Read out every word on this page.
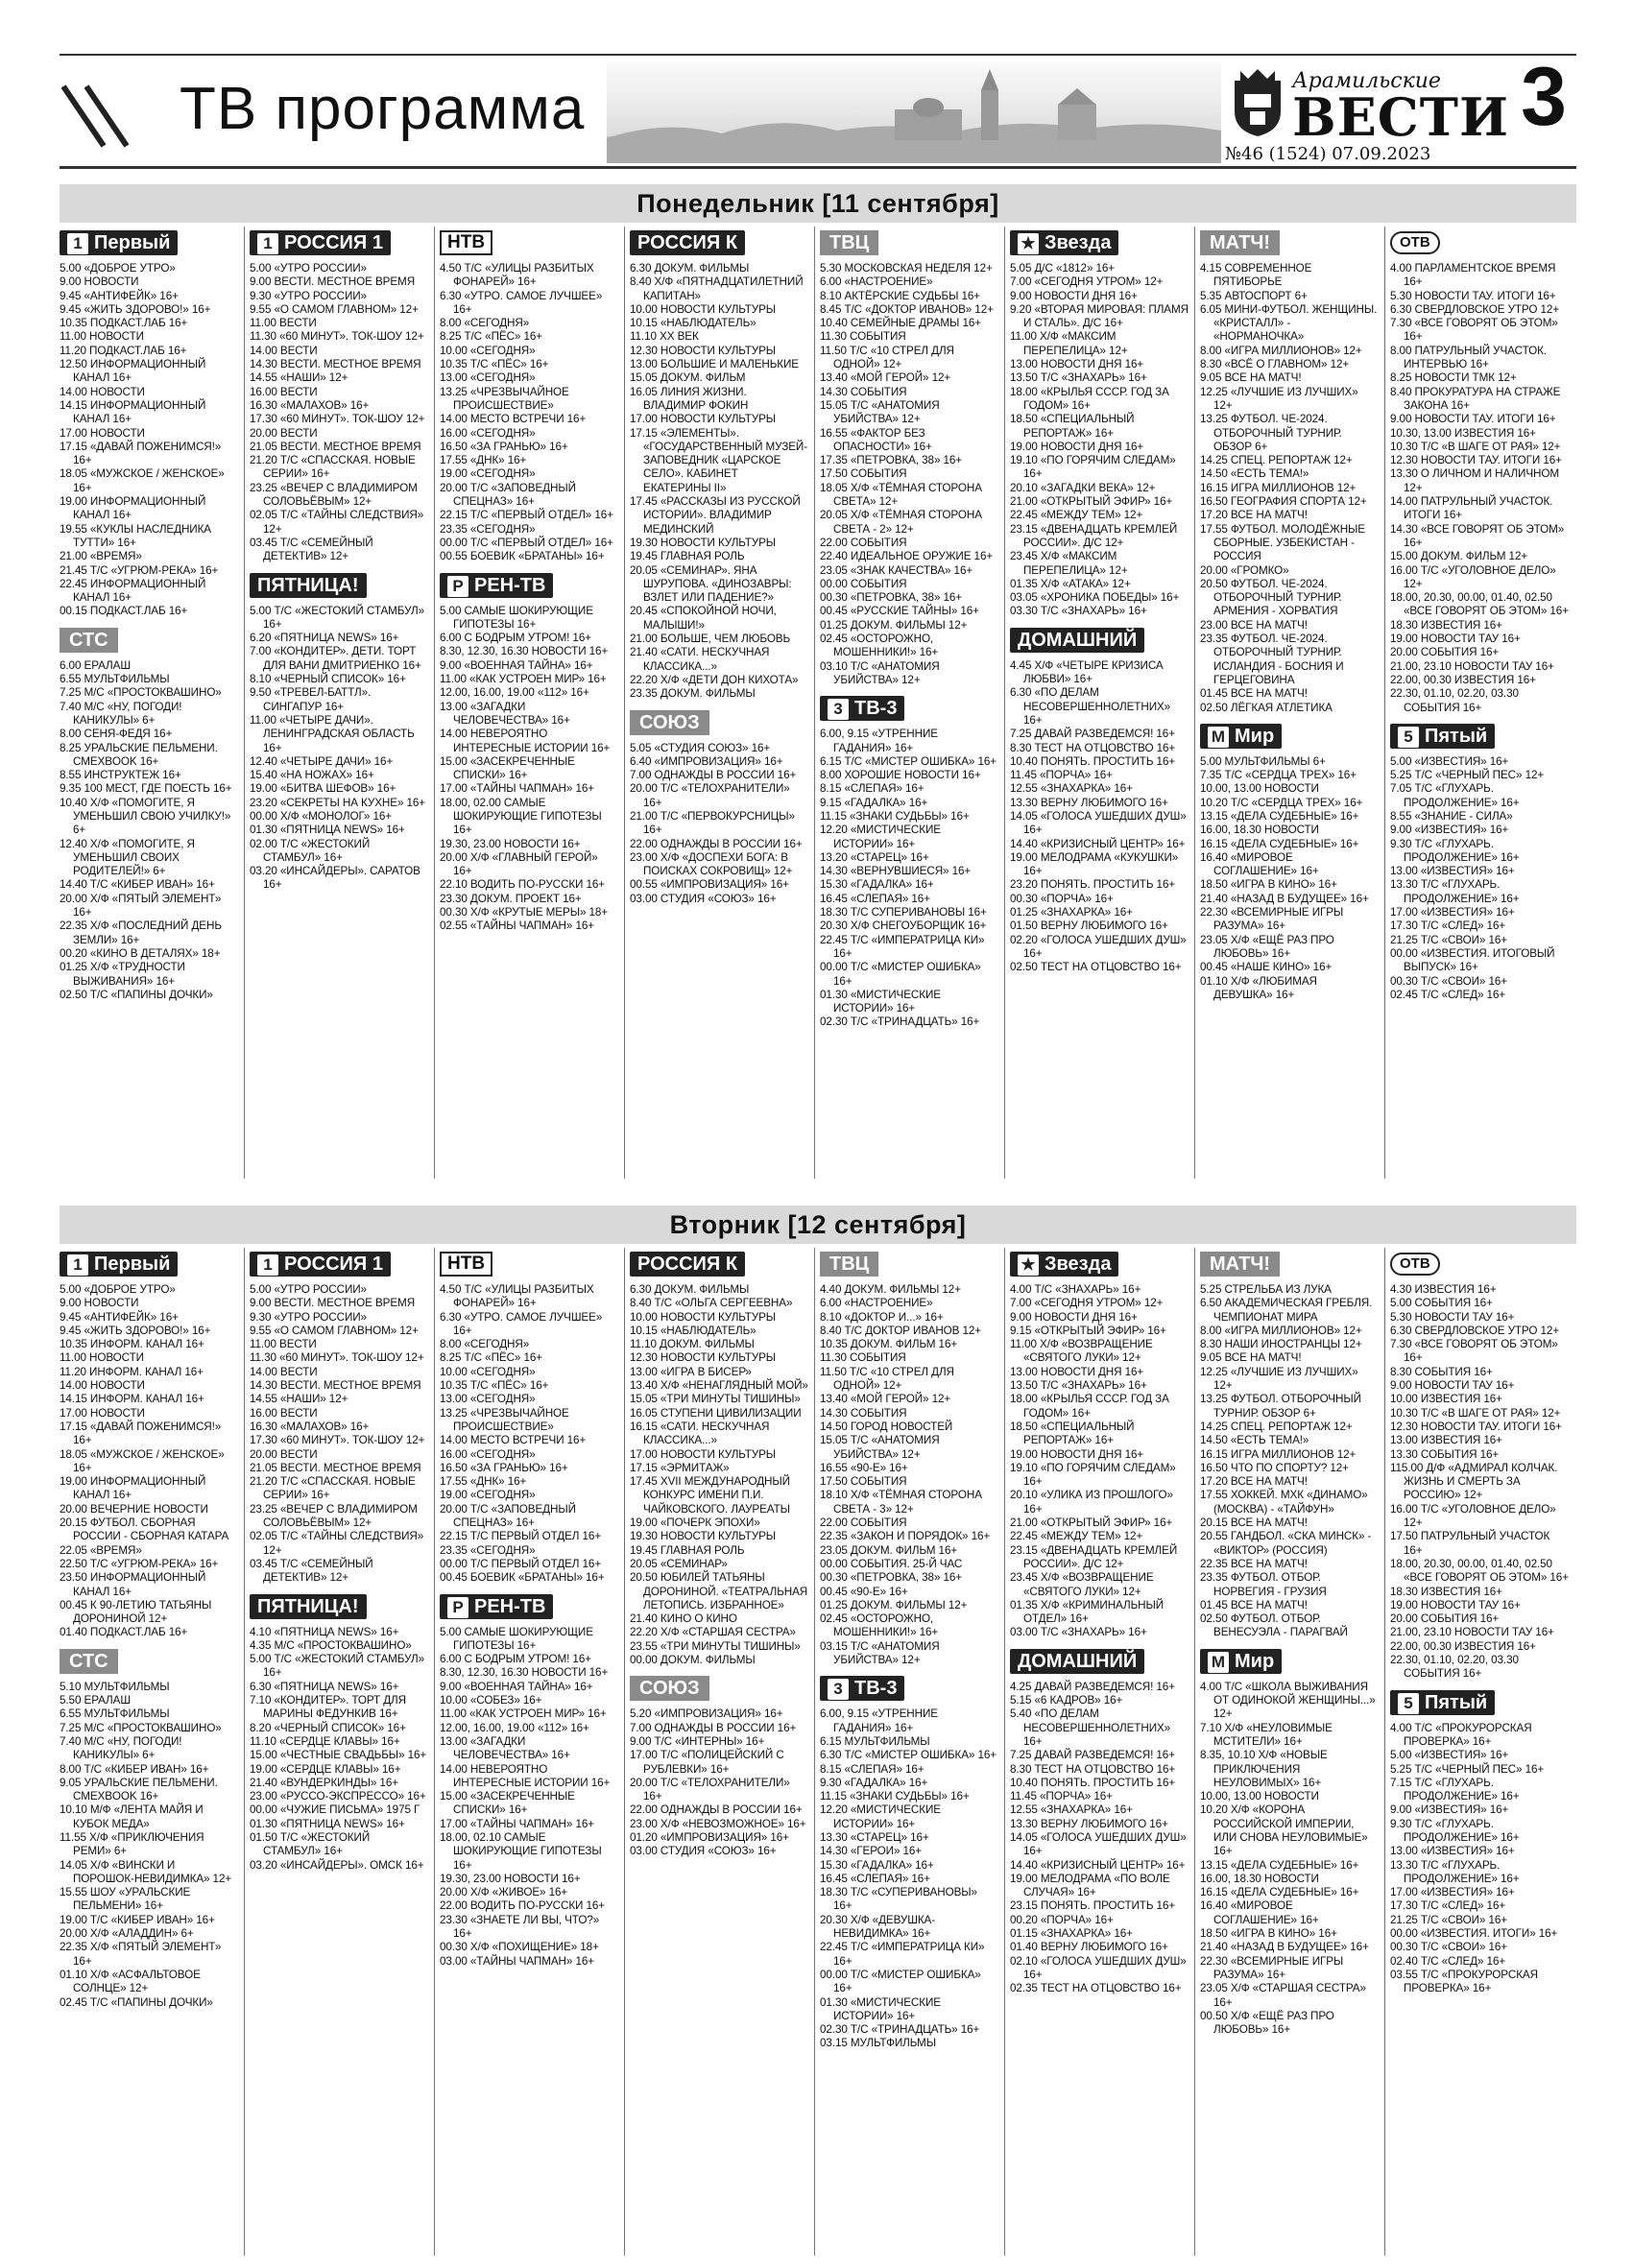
ТВ программа	Арамильские
ВЕСТИ
№46 (1524) 07.09.2023
3
Понедельник [11 сентября]
1 Первый
5.00 «ДОБРОЕ УТРО»
9.00 НОВОСТИ
9.45 «АНТИФЕЙК» 16+
9.45 «ЖИТЬ ЗДОРОВО!» 16+
10.35 ПОДКАСТ.ЛАБ 16+
11.00 НОВОСТИ
11.20 ПОДКАСТ.ЛАБ 16+
12.50 ИНФОРМАЦИОННЫЙ КАНАЛ 16+
14.00 НОВОСТИ
14.15 ИНФОРМАЦИОННЫЙ КАНАЛ 16+
17.00 НОВОСТИ
17.15 «ДАВАЙ ПОЖЕНИМСЯ!» 16+
18.05 «МУЖСКОЕ / ЖЕНСКОЕ» 16+
19.00 ИНФОРМАЦИОННЫЙ КАНАЛ 16+
19.55 «КУКЛЫ НАСЛЕДНИКА ТУТТИ» 16+
21.00 «ВРЕМЯ»
21.45 Т/С «УГРЮМ-РЕКА» 16+
22.45 ИНФОРМАЦИОННЫЙ КАНАЛ 16+
00.15 ПОДКАСТ.ЛАБ 16+
СТС
6.00 ЕРАЛАШ
6.55 МУЛЬТФИЛЬМЫ
7.25 М/С «ПРОСТОКВАШИНО»
7.40 М/С «НУ, ПОГОДИ! КАНИКУЛЫ» 6+
8.00 СЕНЯ-ФЕДЯ 16+
8.25 УРАЛЬСКИЕ ПЕЛЬМЕНИ. СМЕХBOOK 16+
8.55 ИНСТРУКТЕЖ 16+
9.35 100 МЕСТ, ГДЕ ПОЕСТЬ 16+
10.40 Х/Ф «ПОМОГИТЕ, Я УМЕНЬШИЛ СВОЮ УЧИЛКУ!» 6+
12.40 Х/Ф «ПОМОГИТЕ, Я УМЕНЬШИЛ СВОИХ РОДИТЕЛЕЙ!» 6+
14.40 Т/С «КИБЕР ИВАН» 16+
20.00 Х/Ф «ПЯТЫЙ ЭЛЕМЕНТ» 16+
22.35 Х/Ф «ПОСЛЕДНИЙ ДЕНЬ ЗЕМЛИ» 16+
00.20 «КИНО В ДЕТАЛЯХ» 18+
01.25 Х/Ф «ТРУДНОСТИ ВЫЖИВАНИЯ» 16+
02.50 Т/С «ПАПИНЫ ДОЧКИ»
1 РОССИЯ 1
5.00 «УТРО РОССИИ»
9.00 ВЕСТИ. МЕСТНОЕ ВРЕМЯ
9.30 «УТРО РОССИИ»
9.55 «О САМОМ ГЛАВНОМ» 12+
11.00 ВЕСТИ
11.30 «60 МИНУТ». ТОК-ШОУ 12+
14.00 ВЕСТИ
14.30 ВЕСТИ. МЕСТНОЕ ВРЕМЯ
14.55 «НАШИ» 12+
16.00 ВЕСТИ
16.30 «МАЛАХОВ» 16+
17.30 «60 МИНУТ». ТОК-ШОУ 12+
20.00 ВЕСТИ
21.05 ВЕСТИ. МЕСТНОЕ ВРЕМЯ
21.20 Т/С «СПАССКАЯ. НОВЫЕ СЕРИИ» 16+
23.25 «ВЕЧЕР С ВЛАДИМИРОМ СОЛОВЬЁВЫМ» 12+
02.05 Т/С «ТАЙНЫ СЛЕДСТВИЯ» 12+
03.45 Т/С «СЕМЕЙНЫЙ ДЕТЕКТИВ» 12+
ПЯТНИЦА!
5.00 Т/С «ЖЕСТОКИЙ СТАМБУЛ» 16+
6.20 «ПЯТНИЦА NEWS» 16+
7.00 «КОНДИТЕР». ДЕТИ. ТОРТ ДЛЯ ВАНИ ДМИТРИЕНКО 16+
8.10 «ЧЕРНЫЙ СПИСОК» 16+
9.50 «ТРЕВЕЛ-БАТТЛ». СИНГАПУР 16+
11.00 «ЧЕТЫРЕ ДАЧИ». ЛЕНИНГРАДСКАЯ ОБЛАСТЬ 16+
12.40 «ЧЕТЫРЕ ДАЧИ» 16+
15.40 «НА НОЖАХ» 16+
19.00 «БИТВА ШЕФОВ» 16+
23.20 «СЕКРЕТЫ НА КУХНЕ» 16+
00.00 Х/Ф «МОНОЛОГ» 16+
01.30 «ПЯТНИЦА NEWS» 16+
02.00 Т/С «ЖЕСТОКИЙ СТАМБУЛ» 16+
03.20 «ИНСАЙДЕРЫ». САРАТОВ 16+
НТВ
4.50 Т/С «УЛИЦЫ РАЗБИТЫХ ФОНАРЕЙ» 16+
6.30 «УТРО. САМОЕ ЛУЧШЕЕ» 16+
8.00 «СЕГОДНЯ»
8.25 Т/С «ПЁС» 16+
10.00 «СЕГОДНЯ»
10.35 Т/С «ПЁС» 16+
13.00 «СЕГОДНЯ»
13.25 «ЧРЕЗВЫЧАЙНОЕ ПРОИСШЕСТВИЕ»
14.00 МЕСТО ВСТРЕЧИ 16+
16.00 «СЕГОДНЯ»
16.50 «ЗА ГРАНЬЮ» 16+
17.55 «ДНК» 16+
19.00 «СЕГОДНЯ»
20.00 Т/С «ЗАПОВЕДНЫЙ СПЕЦНАЗ» 16+
22.15 Т/С «ПЕРВЫЙ ОТДЕЛ» 16+
23.35 «СЕГОДНЯ»
00.00 Т/С «ПЕРВЫЙ ОТДЕЛ» 16+
00.55 БОЕВИК «БРАТАНЫ» 16+
Р РЕН-ТВ
5.00 САМЫЕ ШОКИРУЮЩИЕ ГИПОТЕЗЫ 16+
6.00 С БОДРЫМ УТРОМ! 16+
8.30, 12.30, 16.30 НОВОСТИ 16+
9.00 «ВОЕННАЯ ТАЙНА» 16+
11.00 «КАК УСТРОЕН МИР» 16+
12.00, 16.00, 19.00 «112» 16+
13.00 «ЗАГАДКИ ЧЕЛОВЕЧЕСТВА» 16+
14.00 НЕВЕРОЯТНО ИНТЕРЕСНЫЕ ИСТОРИИ 16+
15.00 «ЗАСЕКРЕЧЕННЫЕ СПИСКИ» 16+
17.00 «ТАЙНЫ ЧАПМАН» 16+
18.00, 02.00 САМЫЕ ШОКИРУЮЩИЕ ГИПОТЕЗЫ 16+
19.30, 23.00 НОВОСТИ 16+
20.00 Х/Ф «ГЛАВНЫЙ ГЕРОЙ» 16+
22.10 ВОДИТЬ ПО-РУССКИ 16+
23.30 ДОКУМ. ПРОЕКТ 16+
00.30 Х/Ф «КРУТЫЕ МЕРЫ» 18+
02.55 «ТАЙНЫ ЧАПМАН» 16+
РОССИЯ К
6.30 ДОКУМ. ФИЛЬМЫ
8.40 Х/Ф «ПЯТНАДЦАТИЛЕТНИЙ КАПИТАН»
10.00 НОВОСТИ КУЛЬТУРЫ
10.15 «НАБЛЮДАТЕЛЬ»
11.10 XX ВЕК
12.30 НОВОСТИ КУЛЬТУРЫ
13.00 БОЛЬШИЕ И МАЛЕНЬКИЕ
15.05 ДОКУМ. ФИЛЬМ
16.05 ЛИНИЯ ЖИЗНИ. ВЛАДИМИР ФОКИН
17.00 НОВОСТИ КУЛЬТУРЫ
17.15 «ЭЛЕМЕНТЫ». «ГОСУДАРСТВЕННЫЙ МУЗЕЙ-ЗАПОВЕДНИК «ЦАРСКОЕ СЕЛО». КАБИНЕТ ЕКАТЕРИНЫ II»
17.45 «РАССКАЗЫ ИЗ РУССКОЙ ИСТОРИИ». ВЛАДИМИР МЕДИНСКИЙ
19.30 НОВОСТИ КУЛЬТУРЫ
19.45 ГЛАВНАЯ РОЛЬ
20.05 «СЕМИНАР». ЯНА ШУРУПОВА. «ДИНОЗАВРЫ: ВЗЛЕТ ИЛИ ПАДЕНИЕ?»
20.45 «СПОКОЙНОЙ НОЧИ, МАЛЫШИ!»
21.00 БОЛЬШЕ, ЧЕМ ЛЮБОВЬ
21.40 «САТИ. НЕСКУЧНАЯ КЛАССИКА...»
22.20 Х/Ф «ДЕТИ ДОН КИХОТА»
23.35 ДОКУМ. ФИЛЬМЫ
СОЮЗ
5.05 «СТУДИЯ СОЮЗ» 16+
6.40 «ИМПРОВИЗАЦИЯ» 16+
7.00 ОДНАЖДЫ В РОССИИ 16+
20.00 Т/С «ТЕЛОХРАНИТЕЛИ» 16+
21.00 Т/С «ПЕРВОКУРСНИЦЫ» 16+
22.00 ОДНАЖДЫ В РОССИИ 16+
23.00 Х/Ф «ДОСПЕХИ БОГА: В ПОИСКАХ СОКРОВИЩ» 12+
00.55 «ИМПРОВИЗАЦИЯ» 16+
03.00 СТУДИЯ «СОЮЗ» 16+
ТВЦ
5.30 МОСКОВСКАЯ НЕДЕЛЯ 12+
6.00 «НАСТРОЕНИЕ»
8.10 АКТЁРСКИЕ СУДЬБЫ 16+
8.45 Т/С «ДОКТОР ИВАНОВ» 12+
10.40 СЕМЕЙНЫЕ ДРАМЫ 16+
11.30 СОБЫТИЯ
11.50 Т/С «10 СТРЕЛ ДЛЯ ОДНОЙ» 12+
13.40 «МОЙ ГЕРОЙ» 12+
14.30 СОБЫТИЯ
15.05 Т/С «АНАТОМИЯ УБИЙСТВА» 12+
16.55 «ФАКТОР БЕЗ ОПАСНОСТИ» 16+
17.35 «ПЕТРОВКА, 38» 16+
17.50 СОБЫТИЯ
18.05 Х/Ф «ТЁМНАЯ СТОРОНА СВЕТА» 12+
20.05 Х/Ф «ТЁМНАЯ СТОРОНА СВЕТА - 2» 12+
22.00 СОБЫТИЯ
22.40 ИДЕАЛЬНОЕ ОРУЖИЕ 16+
23.05 «ЗНАК КАЧЕСТВА» 16+
00.00 СОБЫТИЯ
00.30 «ПЕТРОВКА, 38» 16+
00.45 «РУССКИЕ ТАЙНЫ» 16+
01.25 ДОКУМ. ФИЛЬМЫ 12+
02.45 «ОСТОРОЖНО, МОШЕННИКИ!» 16+
03.10 Т/С «АНАТОМИЯ УБИЙСТВА» 12+
3 ТВ-3
6.00, 9.15 «УТРЕННИЕ ГАДАНИЯ» 16+
6.15 Т/С «МИСТЕР ОШИБКА» 16+
8.00 ХОРОШИЕ НОВОСТИ 16+
8.15 «СЛЕПАЯ» 16+
9.15 «ГАДАЛКА» 16+
11.15 «ЗНАКИ СУДЬБЫ» 16+
12.20 «МИСТИЧЕСКИЕ ИСТОРИИ» 16+
13.20 «СТАРЕЦ» 16+
14.30 «ВЕРНУВШИЕСЯ» 16+
15.30 «ГАДАЛКА» 16+
16.45 «СЛЕПАЯ» 16+
18.30 Т/С СУПЕРИВАНОВЫ 16+
20.30 Х/Ф СНЕГОУБОРЩИК 16+
22.45 Т/С «ИМПЕРАТРИЦА КИ» 16+
00.00 Т/С «МИСТЕР ОШИБКА» 16+
01.30 «МИСТИЧЕСКИЕ ИСТОРИИ» 16+
02.30 Т/С «ТРИНАДЦАТЬ» 16+
★ Звезда
5.05 Д/С «1812» 16+
7.00 «СЕГОДНЯ УТРОМ» 12+
9.00 НОВОСТИ ДНЯ 16+
9.20 «ВТОРАЯ МИРОВАЯ: ПЛАМЯ И СТАЛЬ». Д/С 16+
11.00 Х/Ф «МАКСИМ ПЕРЕПЕЛИЦА» 12+
13.00 НОВОСТИ ДНЯ 16+
13.50 Т/С «ЗНАХАРЬ» 16+
18.00 «КРЫЛЬЯ СССР. ГОД ЗА ГОДОМ» 16+
18.50 «СПЕЦИАЛЬНЫЙ РЕПОРТАЖ» 16+
19.00 НОВОСТИ ДНЯ 16+
19.10 «ПО ГОРЯЧИМ СЛЕДАМ» 16+
20.10 «ЗАГАДКИ ВЕКА» 12+
21.00 «ОТКРЫТЫЙ ЭФИР» 16+
22.45 «МЕЖДУ ТЕМ» 12+
23.15 «ДВЕНАДЦАТЬ КРЕМЛЕЙ РОССИИ». Д/С 12+
23.45 Х/Ф «МАКСИМ ПЕРЕПЕЛИЦА» 12+
01.35 Х/Ф «АТАКА» 12+
03.05 «ХРОНИКА ПОБЕДЫ» 16+
03.30 Т/С «ЗНАХАРЬ» 16+
ДОМАШНИЙ
4.45 Х/Ф «ЧЕТЫРЕ КРИЗИСА ЛЮБВИ» 16+
6.30 «ПО ДЕЛАМ НЕСОВЕРШЕННОЛЕТНИХ» 16+
7.25 ДАВАЙ РАЗВЕДЕМСЯ! 16+
8.30 ТЕСТ НА ОТЦОВСТВО 16+
10.40 ПОНЯТЬ. ПРОСТИТЬ 16+
11.45 «ПОРЧА» 16+
12.55 «ЗНАХАРКА» 16+
13.30 ВЕРНУ ЛЮБИМОГО 16+
14.05 «ГОЛОСА УШЕДШИХ ДУШ» 16+
14.40 «КРИЗИСНЫЙ ЦЕНТР» 16+
19.00 МЕЛОДРАМА «КУКУШКИ» 16+
23.20 ПОНЯТЬ. ПРОСТИТЬ 16+
00.30 «ПОРЧА» 16+
01.25 «ЗНАХАРКА» 16+
01.50 ВЕРНУ ЛЮБИМОГО 16+
02.20 «ГОЛОСА УШЕДШИХ ДУШ» 16+
02.50 ТЕСТ НА ОТЦОВСТВО 16+
МАТЧ!
4.15 СОВРЕМЕННОЕ ПЯТИБОРЬЕ
5.35 АВТОСПОРТ 6+
6.05 МИНИ-ФУТБОЛ. ЖЕНЩИНЫ. «КРИСТАЛЛ» - «НОРМАНОЧКА»
8.00 «ИГРА МИЛЛИОНОВ» 12+
8.30 «ВСЁ О ГЛАВНОМ» 12+
9.05 ВСЕ НА МАТЧ!
12.25 «ЛУЧШИЕ ИЗ ЛУЧШИХ» 12+
13.25 ФУТБОЛ. ЧЕ-2024. ОТБОРОЧНЫЙ ТУРНИР. ОБЗОР 6+
14.25 СПЕЦ. РЕПОРТАЖ 12+
14.50 «ЕСТЬ ТЕМА!»
16.15 ИГРА МИЛЛИОНОВ 12+
16.50 ГЕОГРАФИЯ СПОРТА 12+
17.20 ВСЕ НА МАТЧ!
17.55 ФУТБОЛ. МОЛОДЁЖНЫЕ СБОРНЫЕ. УЗБЕКИСТАН - РОССИЯ
20.00 «ГРОМКО»
20.50 ФУТБОЛ. ЧЕ-2024. ОТБОРОЧНЫЙ ТУРНИР. АРМЕНИЯ - ХОРВАТИЯ
23.00 ВСЕ НА МАТЧ!
23.35 ФУТБОЛ. ЧЕ-2024. ОТБОРОЧНЫЙ ТУРНИР. ИСЛАНДИЯ - БОСНИЯ И ГЕРЦЕГОВИНА
01.45 ВСЕ НА МАТЧ!
02.50 ЛЁГКАЯ АТЛЕТИКА
М Мир
5.00 МУЛЬТФИЛЬМЫ 6+
7.35 Т/С «СЕРДЦА ТРЕХ» 16+
10.00, 13.00 НОВОСТИ
10.20 Т/С «СЕРДЦА ТРЕХ» 16+
13.15 «ДЕЛА СУДЕБНЫЕ» 16+
16.00, 18.30 НОВОСТИ
16.15 «ДЕЛА СУДЕБНЫЕ» 16+
16.40 «МИРОВОЕ СОГЛАШЕНИЕ» 16+
18.50 «ИГРА В КИНО» 16+
21.40 «НАЗАД В БУДУЩЕЕ» 16+
22.30 «ВСЕМИРНЫЕ ИГРЫ РАЗУМА» 16+
23.05 Х/Ф «ЕЩЁ РАЗ ПРО ЛЮБОВЬ» 16+
00.45 «НАШЕ КИНО» 16+
01.10 Х/Ф «ЛЮБИМАЯ ДЕВУШКА» 16+
ОТВ
4.00 ПАРЛАМЕНТСКОЕ ВРЕМЯ 16+
5.30 НОВОСТИ ТАУ. ИТОГИ 16+
6.30 СВЕРДЛОВСКОЕ УТРО 12+
7.30 «ВСЕ ГОВОРЯТ ОБ ЭТОМ» 16+
8.00 ПАТРУЛЬНЫЙ УЧАСТОК. ИНТЕРВЬЮ 16+
8.25 НОВОСТИ ТМК 12+
8.40 ПРОКУРАТУРА НА СТРАЖЕ ЗАКОНА 16+
9.00 НОВОСТИ ТАУ. ИТОГИ 16+
10.30, 13.00 ИЗВЕСТИЯ 16+
10.30 Т/С «В ШАГЕ ОТ РАЯ» 12+
12.30 НОВОСТИ ТАУ. ИТОГИ 16+
13.30 О ЛИЧНОМ И НАЛИЧНОМ 12+
14.00 ПАТРУЛЬНЫЙ УЧАСТОК. ИТОГИ 16+
14.30 «ВСЕ ГОВОРЯТ ОБ ЭТОМ» 16+
15.00 ДОКУМ. ФИЛЬМ 12+
16.00 Т/С «УГОЛОВНОЕ ДЕЛО» 12+
18.00, 20.30, 00.00, 01.40, 02.50 «ВСЕ ГОВОРЯТ ОБ ЭТОМ» 16+
18.30 ИЗВЕСТИЯ 16+
19.00 НОВОСТИ ТАУ 16+
20.00 СОБЫТИЯ 16+
21.00, 23.10 НОВОСТИ ТАУ 16+
22.00, 00.30 ИЗВЕСТИЯ 16+
22.30, 01.10, 02.20, 03.30 СОБЫТИЯ 16+
5 Пятый
5.00 «ИЗВЕСТИЯ» 16+
5.25 Т/С «ЧЕРНЫЙ ПЕС» 12+
7.05 Т/С «ГЛУХАРЬ. ПРОДОЛЖЕНИЕ» 16+
8.55 «ЗНАНИЕ - СИЛА»
9.00 «ИЗВЕСТИЯ» 16+
9.30 Т/С «ГЛУХАРЬ. ПРОДОЛЖЕНИЕ» 16+
13.00 «ИЗВЕСТИЯ» 16+
13.30 Т/С «ГЛУХАРЬ. ПРОДОЛЖЕНИЕ» 16+
17.00 «ИЗВЕСТИЯ» 16+
17.30 Т/С «СЛЕД» 16+
21.25 Т/С «СВОИ» 16+
00.00 «ИЗВЕСТИЯ. ИТОГОВЫЙ ВЫПУСК» 16+
00.30 Т/С «СВОИ» 16+
02.45 Т/С «СЛЕД» 16+
Вторник [12 сентября]
1 Первый
5.00 «ДОБРОЕ УТРО»
9.00 НОВОСТИ
9.45 «АНТИФЕЙК» 16+
9.45 «ЖИТЬ ЗДОРОВО!» 16+
10.35 ИНФОРМ. КАНАЛ 16+
11.00 НОВОСТИ
11.20 ИНФОРМ. КАНАЛ 16+
14.00 НОВОСТИ
14.15 ИНФОРМ. КАНАЛ 16+
17.00 НОВОСТИ
17.15 «ДАВАЙ ПОЖЕНИМСЯ!» 16+
18.05 «МУЖСКОЕ / ЖЕНСКОЕ» 16+
19.00 ИНФОРМАЦИОННЫЙ КАНАЛ 16+
20.00 ВЕЧЕРНИЕ НОВОСТИ
20.15 ФУТБОЛ. СБОРНАЯ РОССИИ - СБОРНАЯ КАТАРА
22.05 «ВРЕМЯ»
22.50 Т/С «УГРЮМ-РЕКА» 16+
23.50 ИНФОРМАЦИОННЫЙ КАНАЛ 16+
00.45 К 90-ЛЕТИЮ ТАТЬЯНЫ ДОРОНИНОЙ 12+
01.40 ПОДКАСТ.ЛАБ 16+
СТС
5.10 МУЛЬТФИЛЬМЫ
5.50 ЕРАЛАШ
6.55 МУЛЬТФИЛЬМЫ
7.25 М/С «ПРОСТОКВАШИНО»
7.40 М/С «НУ, ПОГОДИ! КАНИКУЛЫ» 6+
8.00 Т/С «КИБЕР ИВАН» 16+
9.05 УРАЛЬСКИЕ ПЕЛЬМЕНИ. СМЕХBOOK 16+
10.10 М/Ф «ЛЕНТА МАЙЯ И КУБОК МЕДА»
11.55 Х/Ф «ПРИКЛЮЧЕНИЯ РЕМИ» 6+
14.05 Х/Ф «ВИНСКИ И ПОРОШОК-НЕВИДИМКА» 12+
15.55 ШОУ «УРАЛЬСКИЕ ПЕЛЬМЕНИ» 16+
19.00 Т/С «КИБЕР ИВАН» 16+
20.00 Х/Ф «АЛАДДИН» 6+
22.35 Х/Ф «ПЯТЫЙ ЭЛЕМЕНТ» 16+
01.10 Х/Ф «АСФАЛЬТОВОЕ СОЛНЦЕ» 12+
02.45 Т/С «ПАПИНЫ ДОЧКИ»
1 РОССИЯ 1
5.00 «УТРО РОССИИ»
9.00 ВЕСТИ. МЕСТНОЕ ВРЕМЯ
9.30 «УТРО РОССИИ»
9.55 «О САМОМ ГЛАВНОМ» 12+
11.00 ВЕСТИ
11.30 «60 МИНУТ». ТОК-ШОУ 12+
14.00 ВЕСТИ
14.30 ВЕСТИ. МЕСТНОЕ ВРЕМЯ
14.55 «НАШИ» 12+
16.00 ВЕСТИ
16.30 «МАЛАХОВ» 16+
17.30 «60 МИНУТ». ТОК-ШОУ 12+
20.00 ВЕСТИ
21.05 ВЕСТИ. МЕСТНОЕ ВРЕМЯ
21.20 Т/С «СПАССКАЯ. НОВЫЕ СЕРИИ» 16+
23.25 «ВЕЧЕР С ВЛАДИМИРОМ СОЛОВЬЁВЫМ» 12+
02.05 Т/С «ТАЙНЫ СЛЕДСТВИЯ» 12+
03.45 Т/С «СЕМЕЙНЫЙ ДЕТЕКТИВ» 12+
ПЯТНИЦА!
4.10 «ПЯТНИЦА NEWS» 16+
4.35 М/С «ПРОСТОКВАШИНО»
5.00 Т/С «ЖЕСТОКИЙ СТАМБУЛ» 16+
6.30 «ПЯТНИЦА NEWS» 16+
7.10 «КОНДИТЕР». ТОРТ ДЛЯ МАРИНЫ ФЕДУНКИВ 16+
8.20 «ЧЕРНЫЙ СПИСОК» 16+
11.10 «СЕРДЦЕ КЛАВЫ» 16+
15.00 «ЧЕСТНЫЕ СВАДЬБЫ» 16+
19.00 «СЕРДЦЕ КЛАВЫ» 16+
21.40 «ВУНДЕРКИНДЫ» 16+
23.00 «РУССО-ЭКСПРЕССО» 16+
00.00 «ЧУЖИЕ ПИСЬМА» 1975 Г
01.30 «ПЯТНИЦА NEWS» 16+
01.50 Т/С «ЖЕСТОКИЙ СТАМБУЛ» 16+
03.20 «ИНСАЙДЕРЫ». ОМСК 16+
НТВ
4.50 Т/С «УЛИЦЫ РАЗБИТЫХ ФОНАРЕЙ» 16+
6.30 «УТРО. САМОЕ ЛУЧШЕЕ» 16+
8.00 «СЕГОДНЯ»
8.25 Т/С «ПЁС» 16+
10.00 «СЕГОДНЯ»
10.35 Т/С «ПЁС» 16+
13.00 «СЕГОДНЯ»
13.25 «ЧРЕЗВЫЧАЙНОЕ ПРОИСШЕСТВИЕ»
14.00 МЕСТО ВСТРЕЧИ 16+
16.00 «СЕГОДНЯ»
16.50 «ЗА ГРАНЬЮ» 16+
17.55 «ДНК» 16+
19.00 «СЕГОДНЯ»
20.00 Т/С «ЗАПОВЕДНЫЙ СПЕЦНАЗ» 16+
22.15 Т/С ПЕРВЫЙ ОТДЕЛ 16+
23.35 «СЕГОДНЯ»
00.00 Т/С ПЕРВЫЙ ОТДЕЛ 16+
00.45 БОЕВИК «БРАТАНЫ» 16+
Р РЕН-ТВ
5.00 САМЫЕ ШОКИРУЮЩИЕ ГИПОТЕЗЫ 16+
6.00 С БОДРЫМ УТРОМ! 16+
8.30, 12.30, 16.30 НОВОСТИ 16+
9.00 «ВОЕННАЯ ТАЙНА» 16+
10.00 «СОБЕЗ» 16+
11.00 «КАК УСТРОЕН МИР» 16+
12.00, 16.00, 19.00 «112» 16+
13.00 «ЗАГАДКИ ЧЕЛОВЕЧЕСТВА» 16+
14.00 НЕВЕРОЯТНО ИНТЕРЕСНЫЕ ИСТОРИИ 16+
15.00 «ЗАСЕКРЕЧЕННЫЕ СПИСКИ» 16+
17.00 «ТАЙНЫ ЧАПМАН» 16+
18.00, 02.10 САМЫЕ ШОКИРУЮЩИЕ ГИПОТЕЗЫ 16+
19.30, 23.00 НОВОСТИ 16+
20.00 Х/Ф «ЖИВОЕ» 16+
22.00 ВОДИТЬ ПО-РУССКИ 16+
23.30 «ЗНАЕТЕ ЛИ ВЫ, ЧТО?» 16+
00.30 Х/Ф «ПОХИЩЕНИЕ» 18+
03.00 «ТАЙНЫ ЧАПМАН» 16+
РОССИЯ К
6.30 ДОКУМ. ФИЛЬМЫ
8.40 Т/С «ОЛЬГА СЕРГЕЕВНА»
10.00 НОВОСТИ КУЛЬТУРЫ
10.15 «НАБЛЮДАТЕЛЬ»
11.10 ДОКУМ. ФИЛЬМЫ
12.30 НОВОСТИ КУЛЬТУРЫ
13.00 «ИГРА В БИСЕР»
13.40 Х/Ф «НЕНАГЛЯДНЫЙ МОЙ»
15.05 «ТРИ МИНУТЫ ТИШИНЫ»
16.05 СТУПЕНИ ЦИВИЛИЗАЦИИ
16.15 «САТИ. НЕСКУЧНАЯ КЛАССИКА...»
17.00 НОВОСТИ КУЛЬТУРЫ
17.15 «ЭРМИТАЖ»
17.45 XVII МЕЖДУНАРОДНЫЙ КОНКУРС ИМЕНИ П.И. ЧАЙКОВСКОГО. ЛАУРЕАТЫ
19.00 «ПОЧЕРК ЭПОХИ»
19.30 НОВОСТИ КУЛЬТУРЫ
19.45 ГЛАВНАЯ РОЛЬ
20.05 «СЕМИНАР»
20.50 ЮБИЛЕЙ ТАТЬЯНЫ ДОРОНИНОЙ. «ТЕАТРАЛЬНАЯ ЛЕТОПИСЬ. ИЗБРАННОЕ»
21.40 КИНО О КИНО
22.20 Х/Ф «СТАРШАЯ СЕСТРА»
23.55 «ТРИ МИНУТЫ ТИШИНЫ»
00.00 ДОКУМ. ФИЛЬМЫ
СОЮЗ
5.20 «ИМПРОВИЗАЦИЯ» 16+
7.00 ОДНАЖДЫ В РОССИИ 16+
9.00 Т/С «ИНТЕРНЫ» 16+
17.00 Т/С «ПОЛИЦЕЙСКИЙ С РУБЛЕВКИ» 16+
20.00 Т/С «ТЕЛОХРАНИТЕЛИ» 16+
22.00 ОДНАЖДЫ В РОССИИ 16+
23.00 Х/Ф «НЕВОЗМОЖНОЕ» 16+
01.20 «ИМПРОВИЗАЦИЯ» 16+
03.00 СТУДИЯ «СОЮЗ» 16+
ТВЦ
4.40 ДОКУМ. ФИЛЬМЫ 12+
6.00 «НАСТРОЕНИЕ»
8.10 «ДОКТОР И...» 16+
8.40 Т/С ДОКТОР ИВАНОВ 12+
10.35 ДОКУМ. ФИЛЬМ 16+
11.30 СОБЫТИЯ
11.50 Т/С «10 СТРЕЛ ДЛЯ ОДНОЙ» 12+
13.40 «МОЙ ГЕРОЙ» 12+
14.30 СОБЫТИЯ
14.50 ГОРОД НОВОСТЕЙ
15.05 Т/С «АНАТОМИЯ УБИЙСТВА» 12+
16.55 «90-Е» 16+
17.50 СОБЫТИЯ
18.10 Х/Ф «ТЁМНАЯ СТОРОНА СВЕТА - 3» 12+
22.00 СОБЫТИЯ
22.35 «ЗАКОН И ПОРЯДОК» 16+
23.05 ДОКУМ. ФИЛЬМ 16+
00.00 СОБЫТИЯ. 25-Й ЧАС
00.30 «ПЕТРОВКА, 38» 16+
00.45 «90-Е» 16+
01.25 ДОКУМ. ФИЛЬМЫ 12+
02.45 «ОСТОРОЖНО, МОШЕННИКИ!» 16+
03.15 Т/С «АНАТОМИЯ УБИЙСТВА» 12+
3 ТВ-3
6.00, 9.15 «УТРЕННИЕ ГАДАНИЯ» 16+
6.15 МУЛЬТФИЛЬМЫ
6.30 Т/С «МИСТЕР ОШИБКА» 16+
8.15 «СЛЕПАЯ» 16+
9.30 «ГАДАЛКА» 16+
11.15 «ЗНАКИ СУДЬБЫ» 16+
12.20 «МИСТИЧЕСКИЕ ИСТОРИИ» 16+
13.30 «СТАРЕЦ» 16+
14.30 «ГЕРОИ» 16+
15.30 «ГАДАЛКА» 16+
16.45 «СЛЕПАЯ» 16+
18.30 Т/С «СУПЕРИВАНОВЫ» 16+
20.30 Х/Ф «ДЕВУШКА-НЕВИДИМКА» 16+
22.45 Т/С «ИМПЕРАТРИЦА КИ» 16+
00.00 Т/С «МИСТЕР ОШИБКА» 16+
01.30 «МИСТИЧЕСКИЕ ИСТОРИИ» 16+
02.30 Т/С «ТРИНАДЦАТЬ» 16+
03.15 МУЛЬТФИЛЬМЫ
★ Звезда
4.00 Т/С «ЗНАХАРЬ» 16+
7.00 «СЕГОДНЯ УТРОМ» 12+
9.00 НОВОСТИ ДНЯ 16+
9.15 «ОТКРЫТЫЙ ЭФИР» 16+
11.00 Х/Ф «ВОЗВРАЩЕНИЕ «СВЯТОГО ЛУКИ» 12+
13.00 НОВОСТИ ДНЯ 16+
13.50 Т/С «ЗНАХАРЬ» 16+
18.00 «КРЫЛЬЯ СССР. ГОД ЗА ГОДОМ» 16+
18.50 «СПЕЦИАЛЬНЫЙ РЕПОРТАЖ» 16+
19.00 НОВОСТИ ДНЯ 16+
19.10 «ПО ГОРЯЧИМ СЛЕДАМ» 16+
20.10 «УЛИКА ИЗ ПРОШЛОГО» 16+
21.00 «ОТКРЫТЫЙ ЭФИР» 16+
22.45 «МЕЖДУ ТЕМ» 12+
23.15 «ДВЕНАДЦАТЬ КРЕМЛЕЙ РОССИИ». Д/С 12+
23.45 Х/Ф «ВОЗВРАЩЕНИЕ «СВЯТОГО ЛУКИ» 12+
01.35 Х/Ф «КРИМИНАЛЬНЫЙ ОТДЕЛ» 16+
03.00 Т/С «ЗНАХАРЬ» 16+
ДОМАШНИЙ
4.25 ДАВАЙ РАЗВЕДЕМСЯ! 16+
5.15 «6 КАДРОВ» 16+
5.40 «ПО ДЕЛАМ НЕСОВЕРШЕННОЛЕТНИХ» 16+
7.25 ДАВАЙ РАЗВЕДЕМСЯ! 16+
8.30 ТЕСТ НА ОТЦОВСТВО 16+
10.40 ПОНЯТЬ. ПРОСТИТЬ 16+
11.45 «ПОРЧА» 16+
12.55 «ЗНАХАРКА» 16+
13.30 ВЕРНУ ЛЮБИМОГО 16+
14.05 «ГОЛОСА УШЕДШИХ ДУШ» 16+
14.40 «КРИЗИСНЫЙ ЦЕНТР» 16+
19.00 МЕЛОДРАМА «ПО ВОЛЕ СЛУЧАЯ» 16+
23.15 ПОНЯТЬ. ПРОСТИТЬ 16+
00.20 «ПОРЧА» 16+
01.15 «ЗНАХАРКА» 16+
01.40 ВЕРНУ ЛЮБИМОГО 16+
02.10 «ГОЛОСА УШЕДШИХ ДУШ» 16+
02.35 ТЕСТ НА ОТЦОВСТВО 16+
МАТЧ!
5.25 СТРЕЛЬБА ИЗ ЛУКА
6.50 АКАДЕМИЧЕСКАЯ ГРЕБЛЯ. ЧЕМПИОНАТ МИРА
8.00 «ИГРА МИЛЛИОНОВ» 12+
8.30 НАШИ ИНОСТРАНЦЫ 12+
9.05 ВСЕ НА МАТЧ!
12.25 «ЛУЧШИЕ ИЗ ЛУЧШИХ» 12+
13.25 ФУТБОЛ. ОТБОРОЧНЫЙ ТУРНИР. ОБЗОР 6+
14.25 СПЕЦ. РЕПОРТАЖ 12+
14.50 «ЕСТЬ ТЕМА!»
16.15 ИГРА МИЛЛИОНОВ 12+
16.50 ЧТО ПО СПОРТУ? 12+
17.20 ВСЕ НА МАТЧ!
17.55 ХОККЕЙ. МХК «ДИНАМО» (МОСКВА) - «ТАЙФУН»
20.15 ВСЕ НА МАТЧ!
20.55 ГАНДБОЛ. «СКА МИНСК» - «ВИКТОР» (РОССИЯ)
22.35 ВСЕ НА МАТЧ!
23.35 ФУТБОЛ. ОТБОР. НОРВЕГИЯ - ГРУЗИЯ
01.45 ВСЕ НА МАТЧ!
02.50 ФУТБОЛ. ОТБОР. ВЕНЕСУЭЛА - ПАРАГВАЙ
М Мир
4.00 Т/С «ШКОЛА ВЫЖИВАНИЯ ОТ ОДИНОКОЙ ЖЕНЩИНЫ...» 12+
7.10 Х/Ф «НЕУЛОВИМЫЕ МСТИТЕЛИ» 16+
8.35, 10.10 Х/Ф «НОВЫЕ ПРИКЛЮЧЕНИЯ НЕУЛОВИМЫХ» 16+
10.00, 13.00 НОВОСТИ
10.20 Х/Ф «КОРОНА РОССИЙСКОЙ ИМПЕРИИ, ИЛИ СНОВА НЕУЛОВИМЫЕ» 16+
13.15 «ДЕЛА СУДЕБНЫЕ» 16+
16.00, 18.30 НОВОСТИ
16.15 «ДЕЛА СУДЕБНЫЕ» 16+
16.40 «МИРОВОЕ СОГЛАШЕНИЕ» 16+
18.50 «ИГРА В КИНО» 16+
21.40 «НАЗАД В БУДУЩЕЕ» 16+
22.30 «ВСЕМИРНЫЕ ИГРЫ РАЗУМА» 16+
23.05 Х/Ф «СТАРШАЯ СЕСТРА» 16+
00.50 Х/Ф «ЕЩЁ РАЗ ПРО ЛЮБОВЬ» 16+
ОТВ
4.30 ИЗВЕСТИЯ 16+
5.00 СОБЫТИЯ 16+
5.30 НОВОСТИ ТАУ 16+
6.30 СВЕРДЛОВСКОЕ УТРО 12+
7.30 «ВСЕ ГОВОРЯТ ОБ ЭТОМ» 16+
8.30 СОБЫТИЯ 16+
9.00 НОВОСТИ ТАУ 16+
10.00 ИЗВЕСТИЯ 16+
10.30 Т/С «В ШАГЕ ОТ РАЯ» 12+
12.30 НОВОСТИ ТАУ. ИТОГИ 16+
13.00 ИЗВЕСТИЯ 16+
13.30 СОБЫТИЯ 16+
115.00 Д/Ф «АДМИРАЛ КОЛЧАК. ЖИЗНЬ И СМЕРТЬ ЗА РОССИЮ» 12+
16.00 Т/С «УГОЛОВНОЕ ДЕЛО» 12+
17.50 ПАТРУЛЬНЫЙ УЧАСТОК 16+
18.00, 20.30, 00.00, 01.40, 02.50 «ВСЕ ГОВОРЯТ ОБ ЭТОМ» 16+
18.30 ИЗВЕСТИЯ 16+
19.00 НОВОСТИ ТАУ 16+
20.00 СОБЫТИЯ 16+
21.00, 23.10 НОВОСТИ ТАУ 16+
22.00, 00.30 ИЗВЕСТИЯ 16+
22.30, 01.10, 02.20, 03.30 СОБЫТИЯ 16+
5 Пятый
4.00 Т/С «ПРОКУРОРСКАЯ ПРОВЕРКА» 16+
5.00 «ИЗВЕСТИЯ» 16+
5.25 Т/С «ЧЕРНЫЙ ПЕС» 16+
7.15 Т/С «ГЛУХАРЬ. ПРОДОЛЖЕНИЕ» 16+
9.00 «ИЗВЕСТИЯ» 16+
9.30 Т/С «ГЛУХАРЬ. ПРОДОЛЖЕНИЕ» 16+
13.00 «ИЗВЕСТИЯ» 16+
13.30 Т/С «ГЛУХАРЬ. ПРОДОЛЖЕНИЕ» 16+
17.00 «ИЗВЕСТИЯ» 16+
17.30 Т/С «СЛЕД» 16+
21.25 Т/С «СВОИ» 16+
00.00 «ИЗВЕСТИЯ. ИТОГИ» 16+
00.30 Т/С «СВОИ» 16+
02.40 Т/С «СЛЕД» 16+
03.55 Т/С «ПРОКУРОРСКАЯ ПРОВЕРКА» 16+
